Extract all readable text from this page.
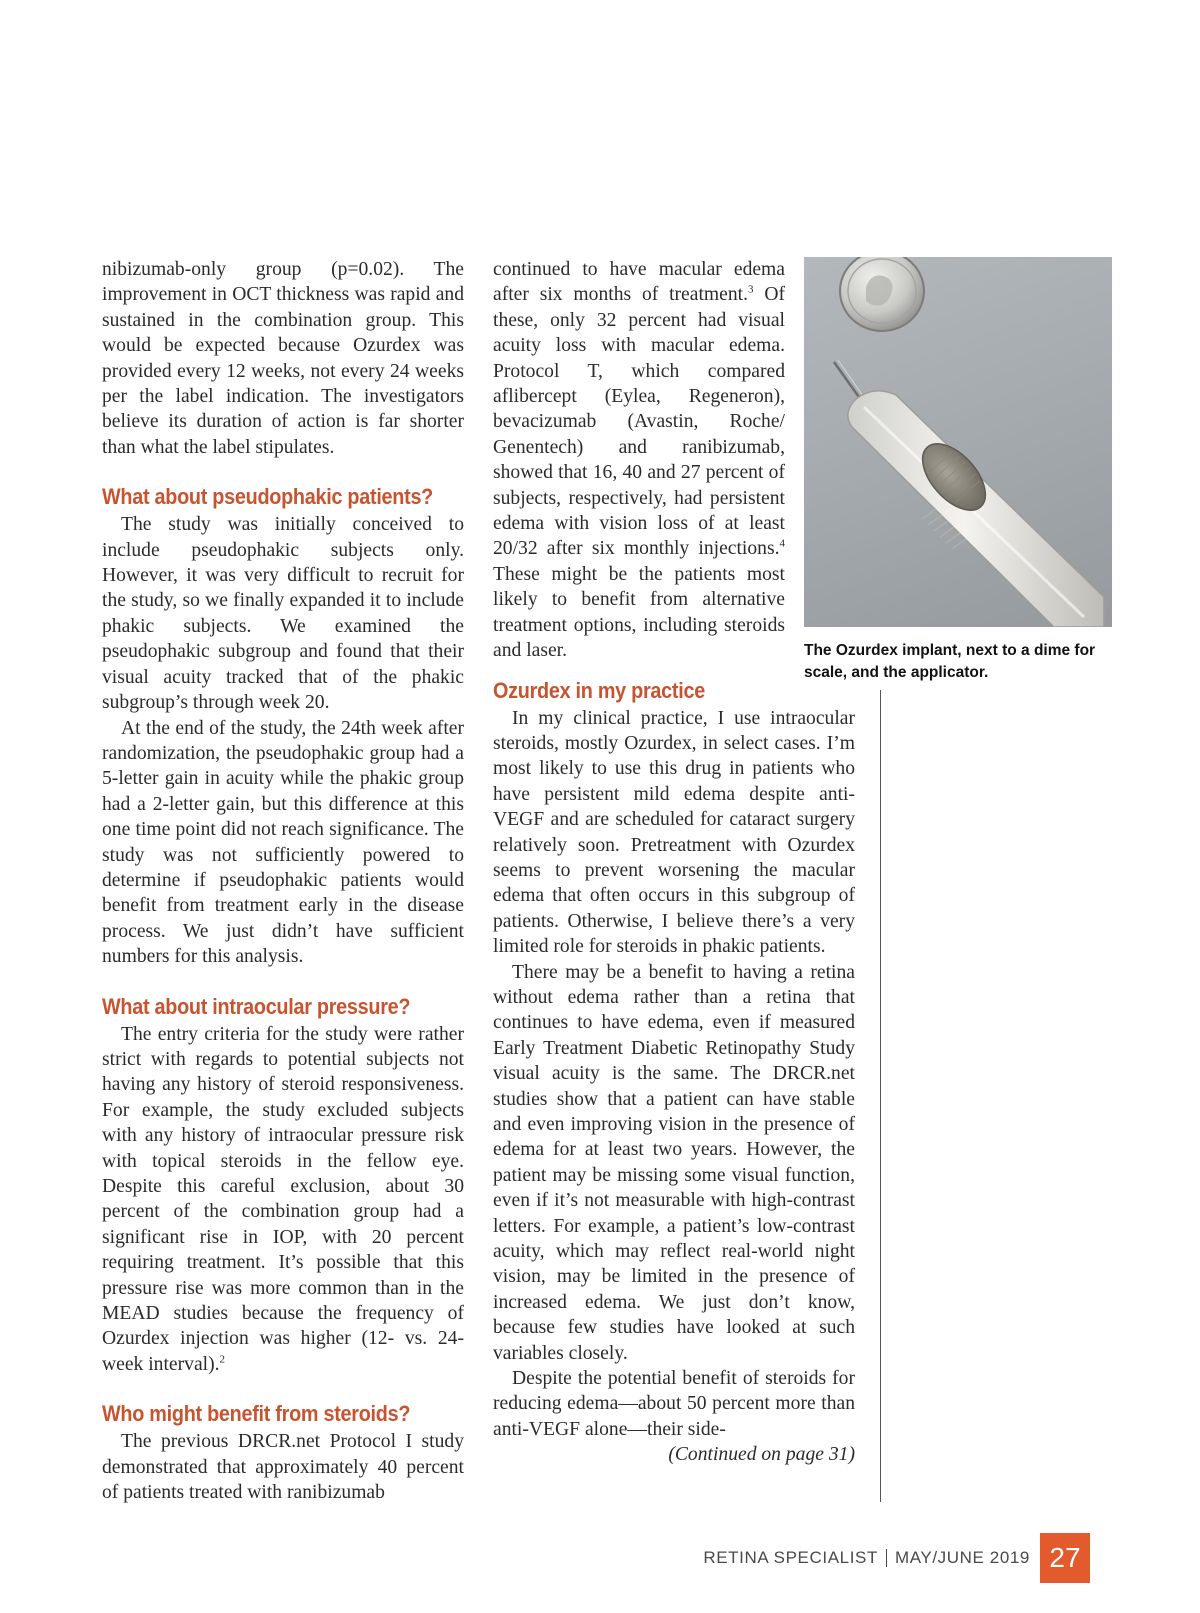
nibizumab-only group (p=0.02). The improvement in OCT thickness was rapid and sustained in the combination group. This would be expected because Ozurdex was provided every 12 weeks, not every 24 weeks per the label indication. The investigators believe its duration of action is far shorter than what the label stipulates.

What about pseudophakic patients?

The study was initially conceived to include pseudophakic subjects only. However, it was very difficult to recruit for the study, so we finally expanded it to include phakic subjects. We examined the pseudophakic subgroup and found that their visual acuity tracked that of the phakic subgroup’s through week 20.

At the end of the study, the 24th week after randomization, the pseudophakic group had a 5-letter gain in acuity while the phakic group had a 2-letter gain, but this difference at this one time point did not reach significance. The study was not sufficiently powered to determine if pseudophakic patients would benefit from treatment early in the disease process. We just didn’t have sufficient numbers for this analysis.

What about intraocular pressure?

The entry criteria for the study were rather strict with regards to potential subjects not having any history of steroid responsiveness. For example, the study excluded subjects with any history of intraocular pressure risk with topical steroids in the fellow eye. Despite this careful exclusion, about 30 percent of the combination group had a significant rise in IOP, with 20 percent requiring treatment. It’s possible that this pressure rise was more common than in the MEAD studies because the frequency of Ozurdex injection was higher (12- vs. 24-week interval).$^2$

Who might benefit from steroids?

The previous DRCR.net Protocol I study demonstrated that approximately 40 percent of patients treated with ranibizumab

continued to have macular edema after six months of treatment.$^3$ Of these, only 32 percent had visual acuity loss with macular edema. Protocol T, which compared aflibercept (Eylea, Regeneron), bevacizumab (Avastin, Roche/ Genentech) and ranibizumab, showed that 16, 40 and 27 percent of subjects, respectively, had persistent edema with vision loss of at least 20/32 after six monthly injections.$^4$ These might be the patients most likely to benefit from alternative treatment options, including steroids and laser.

Ozurdex in my practice

In my clinical practice, I use intraocular steroids, mostly Ozurdex, in select cases. I’m most likely to use this drug in patients who have persistent mild edema despite anti-VEGF and are scheduled for cataract surgery relatively soon. Pretreatment with Ozurdex seems to prevent worsening the macular edema that often occurs in this subgroup of patients. Otherwise, I believe there’s a very limited role for steroids in phakic patients.

There may be a benefit to having a retina without edema rather than a retina that continues to have edema, even if measured Early Treatment Diabetic Retinopathy Study visual acuity is the same. The DRCR.net studies show that a patient can have stable and even improving vision in the presence of edema for at least two years. However, the patient may be missing some visual function, even if it’s not measurable with high-contrast letters. For example, a patient’s low-contrast acuity, which may reflect real-world night vision, may be limited in the presence of increased edema. We just don’t know, because few studies have looked at such variables closely.

Despite the potential benefit of steroids for reducing edema—about 50 percent more than anti-VEGF alone—their side-

(Continued on page 31)

The Ozurdex implant, next to a dime for scale, and the applicator.
RETINA SPECIALIST MAY/JUNE 2019 27
